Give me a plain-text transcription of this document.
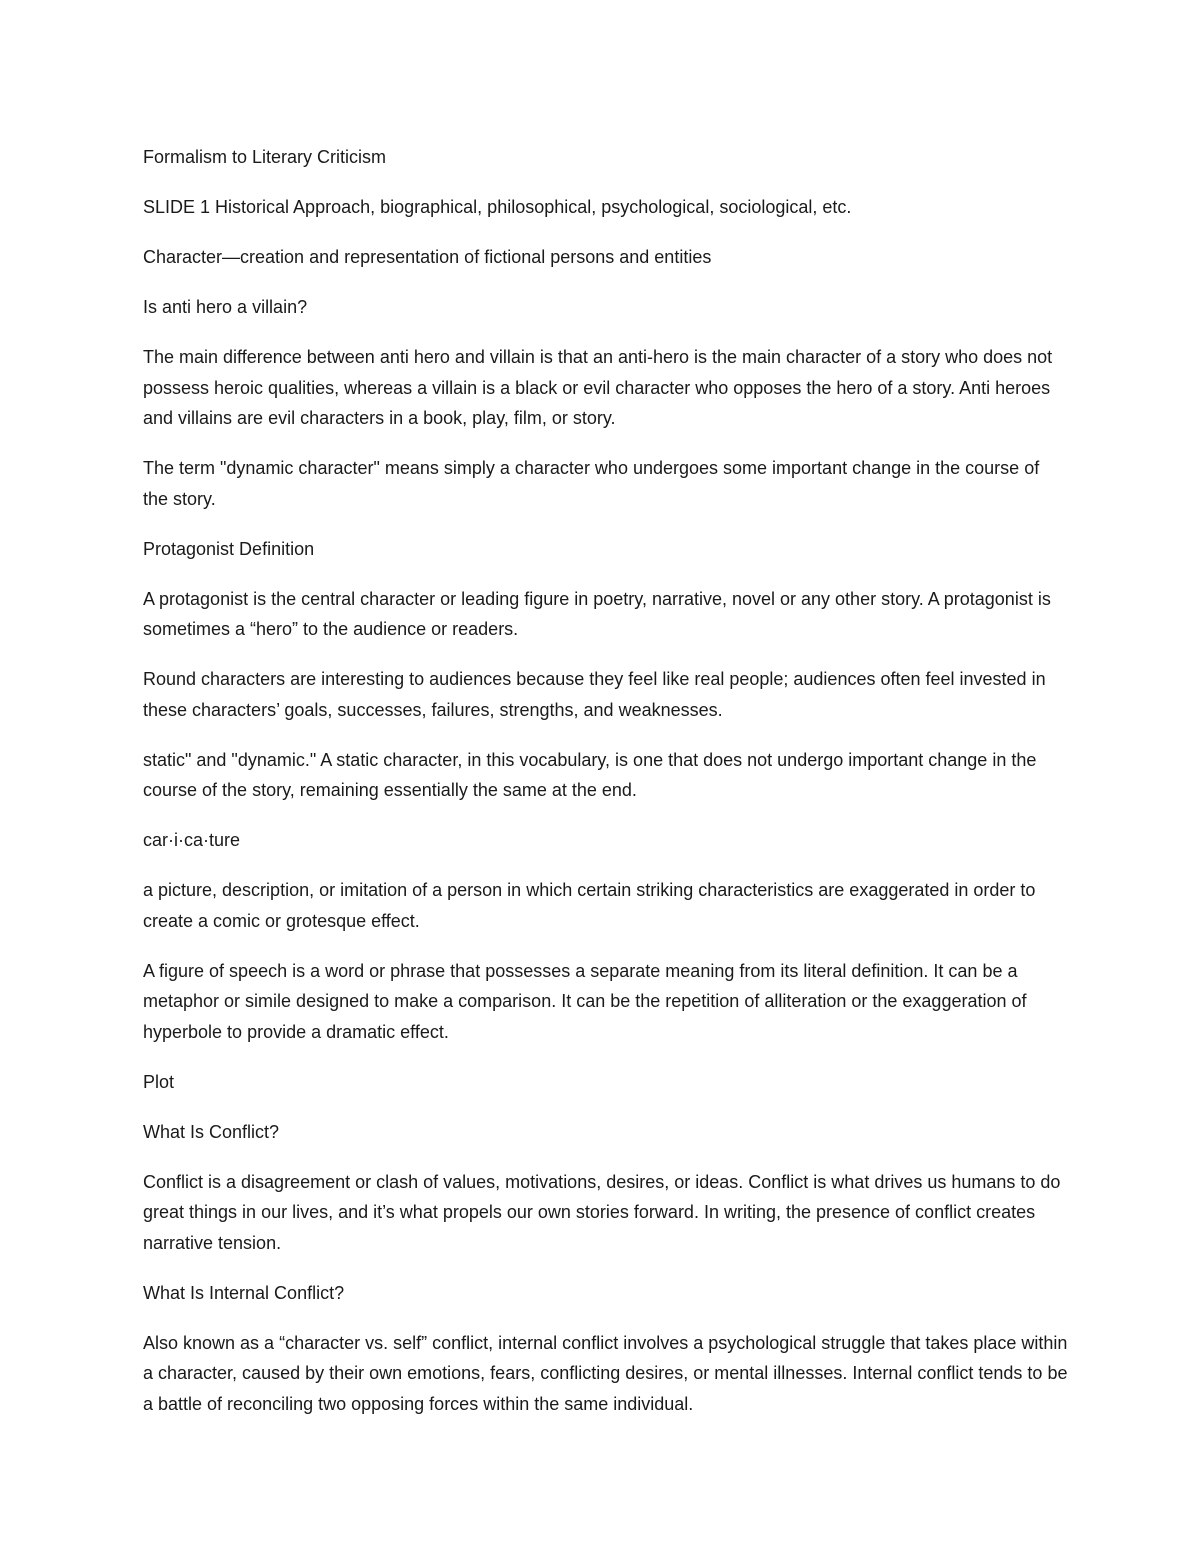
Formalism to Literary Criticism

SLIDE 1 Historical Approach, biographical, philosophical, psychological, sociological, etc.

Character—creation and representation of fictional persons and entities

Is anti hero a villain?

The main difference between anti hero and villain is that an anti-hero is the main character of a story who does not possess heroic qualities, whereas a villain is a black or evil character who opposes the hero of a story. Anti heroes and villains are evil characters in a book, play, film, or story.

The term "dynamic character" means simply a character who undergoes some important change in the course of the story.

Protagonist Definition

A protagonist is the central character or leading figure in poetry, narrative, novel or any other story. A protagonist is sometimes a “hero” to the audience or readers.

Round characters are interesting to audiences because they feel like real people; audiences often feel invested in these characters’ goals, successes, failures, strengths, and weaknesses.

static" and "dynamic." A static character, in this vocabulary, is one that does not undergo important change in the course of the story, remaining essentially the same at the end.

car·i·ca·ture

a picture, description, or imitation of a person in which certain striking characteristics are exaggerated in order to create a comic or grotesque effect.

A figure of speech is a word or phrase that possesses a separate meaning from its literal definition. It can be a metaphor or simile designed to make a comparison. It can be the repetition of alliteration or the exaggeration of hyperbole to provide a dramatic effect.

Plot

What Is Conflict?

Conflict is a disagreement or clash of values, motivations, desires, or ideas. Conflict is what drives us humans to do great things in our lives, and it’s what propels our own stories forward. In writing, the presence of conflict creates narrative tension.

What Is Internal Conflict?

Also known as a “character vs. self” conflict, internal conflict involves a psychological struggle that takes place within a character, caused by their own emotions, fears, conflicting desires, or mental illnesses. Internal conflict tends to be a battle of reconciling two opposing forces within the same individual.
